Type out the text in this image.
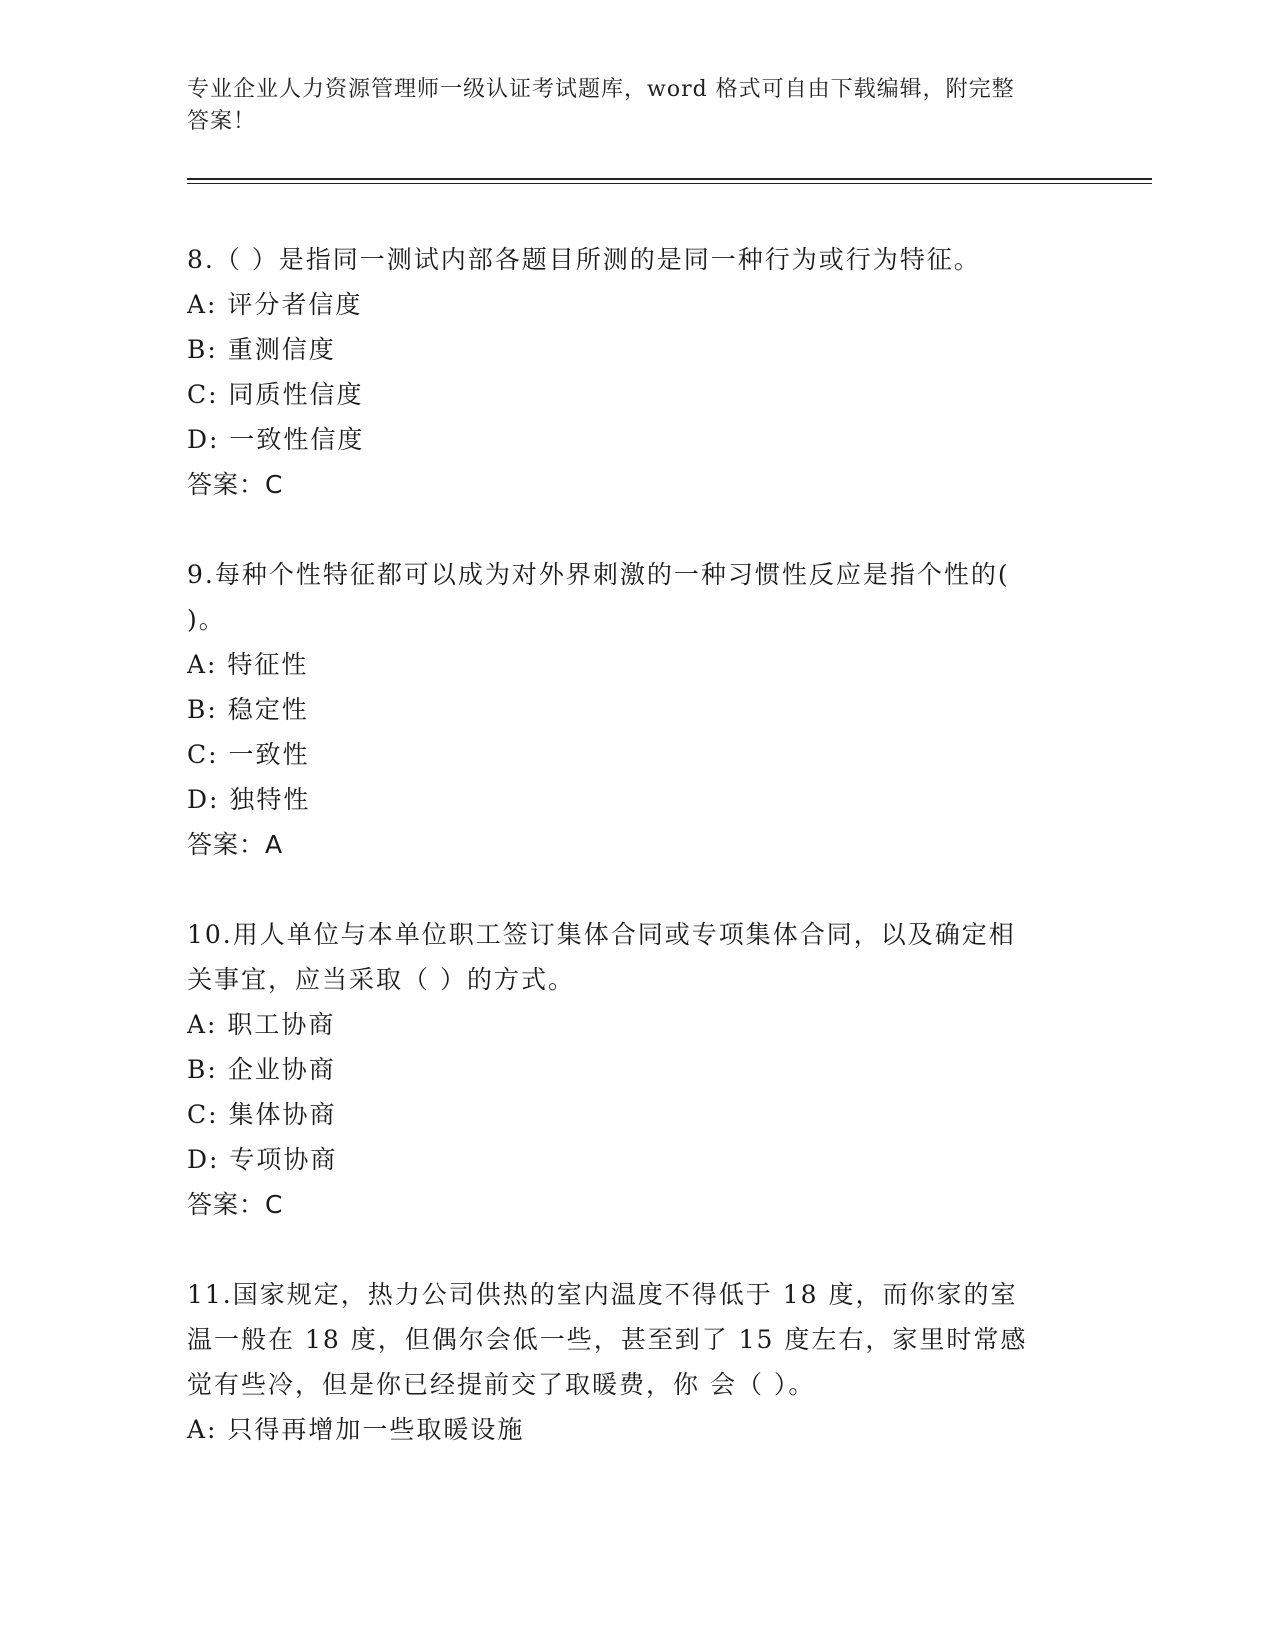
专业企业人力资源管理师一级认证考试题库，word 格式可自由下载编辑，附完整
答案！

8.（ ）是指同一测试内部各题目所测的是同一种行为或行为特征。

A: 评分者信度

B: 重测信度

C: 同质性信度

D: 一致性信度

答案：C

9.每种个性特征都可以成为对外界刺激的一种习惯性反应是指个性的(

)。

A: 特征性

B: 稳定性

C: 一致性

D: 独特性

答案：A

10.用人单位与本单位职工签订集体合同或专项集体合同，以及确定相

关事宜，应当采取（ ）的方式。

A: 职工协商

B: 企业协商

C: 集体协商

D: 专项协商

答案：C

11.国家规定，热力公司供热的室内温度不得低于 18 度，而你家的室

温一般在 18 度，但偶尔会低一些，甚至到了 15 度左右，家里时常感

觉有些冷，但是你已经提前交了取暖费，你 会（ ）。

A: 只得再增加一些取暖设施
